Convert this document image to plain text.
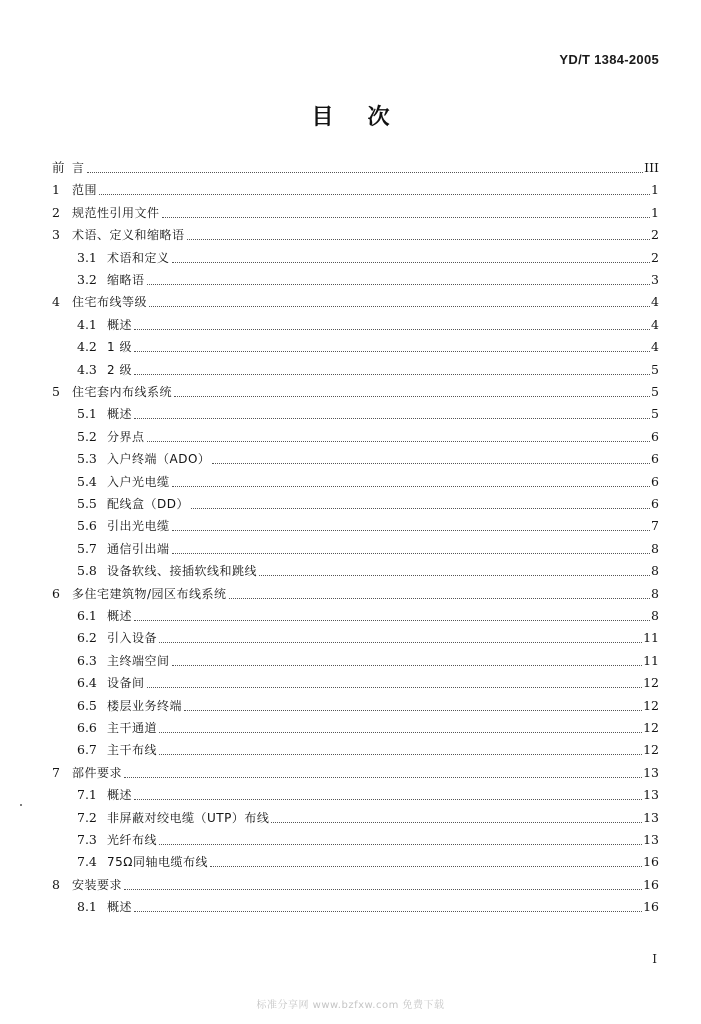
YD/T 1384-2005
目次
前 言	III
1	范围	1
2	规范性引用文件	1
3	术语、定义和缩略语	2
3.1 术语和定义	2
3.2 缩略语	3
4	住宅布线等级	4
4.1 概述	4
4.2 1 级	4
4.3 2 级	5
5	住宅套内布线系统	5
5.1 概述	5
5.2 分界点	6
5.3 入户终端（ADO）	6
5.4 入户光电缆	6
5.5 配线盒（DD）	6
5.6 引出光电缆	7
5.7 通信引出端	8
5.8 设备软线、接插软线和跳线	8
6	多住宅建筑物/园区布线系统	8
6.1 概述	8
6.2 引入设备	11
6.3 主终端空间	11
6.4 设备间	12
6.5 楼层业务终端	12
6.6 主干通道	12
6.7 主干布线	12
7	部件要求	13
7.1 概述	13
7.2 非屏蔽对绞电缆（UTP）布线	13
7.3 光纤布线	13
7.4 75Ω同轴电缆布线	16
8	安装要求	16
8.1 概述	16
I
标准分享网 www.bzfxw.com 免费下载
